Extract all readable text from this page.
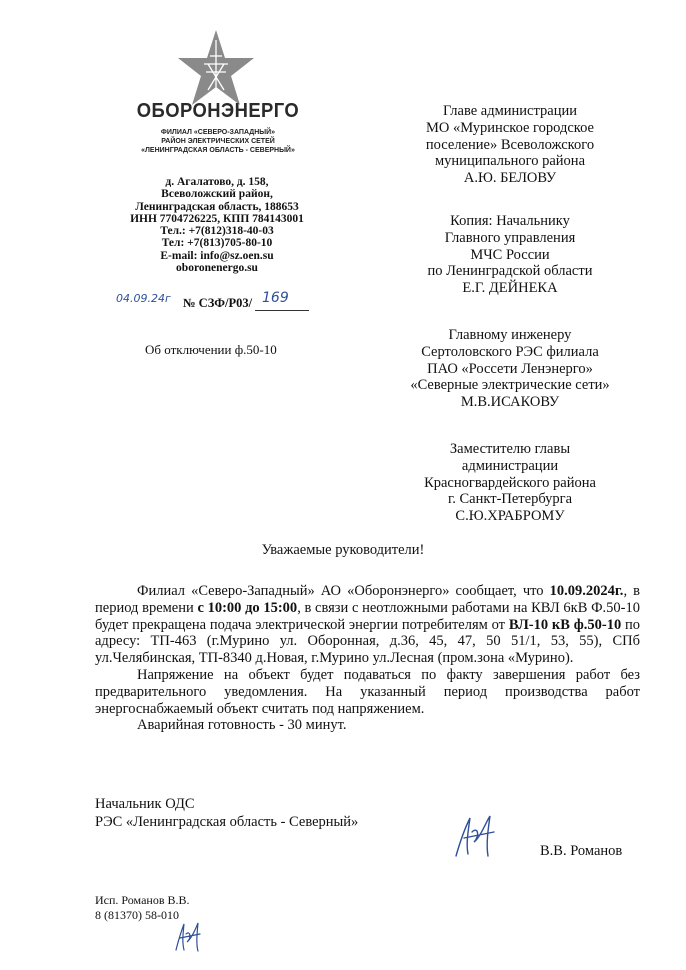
ОБОРОНЭНЕРГО
ФИЛИАЛ «СЕВЕРО-ЗАПАДНЫЙ»
РАЙОН ЭЛЕКТРИЧЕСКИХ СЕТЕЙ
«ЛЕНИНГРАДСКАЯ ОБЛАСТЬ - СЕВЕРНЫЙ»
д. Агалатово, д. 158,
Всеволожский район,
Ленинградская область, 188653
ИНН 7704726225, КПП 784143001
Тел.: +7(812)318-40-03
Тел: +7(813)705-80-10
E-mail: info@sz.oen.su
oboronenergo.su
04.09.24г № СЗФ/Р03/ 169
Об отключении ф.50-10
Главе администрации
МО «Муринское городское
поселение» Всеволожского
муниципального района
А.Ю. БЕЛОВУ
Копия: Начальнику
Главного управления
МЧС России
по Ленинградской области
Е.Г. ДЕЙНЕКА
Главному инженеру
Сертоловского РЭС филиала
ПАО «Россети Ленэнерго»
«Северные электрические сети»
М.В.ИСАКОВУ
Заместителю главы
администрации
Красногвардейского района
г. Санкт-Петербурга
С.Ю.ХРАБРОМУ
Уважаемые руководители!

Филиал «Северо-Западный» АО «Оборонэнерго» сообщает, что 10.09.2024г., в период времени с 10:00 до 15:00, в связи с неотложными работами на КВЛ 6кВ Ф.50-10 будет прекращена подача электрической энергии потребителям от ВЛ-10 кВ ф.50-10 по адресу: ТП-463 (г.Мурино ул. Оборонная, д.36, 45, 47, 50 51/1, 53, 55), СПб ул.Челябинская, ТП-8340 д.Новая, г.Мурино ул.Лесная (пром.зона «Мурино).

Напряжение на объект будет подаваться по факту завершения работ без предварительного уведомления. На указанный период производства работ энергоснабжаемый объект считать под напряжением.

Аварийная готовность - 30 минут.

Начальник ОДС
РЭС «Ленинградская область - Северный»
В.В. Романов
Исп. Романов В.В.
8 (81370) 58-010
